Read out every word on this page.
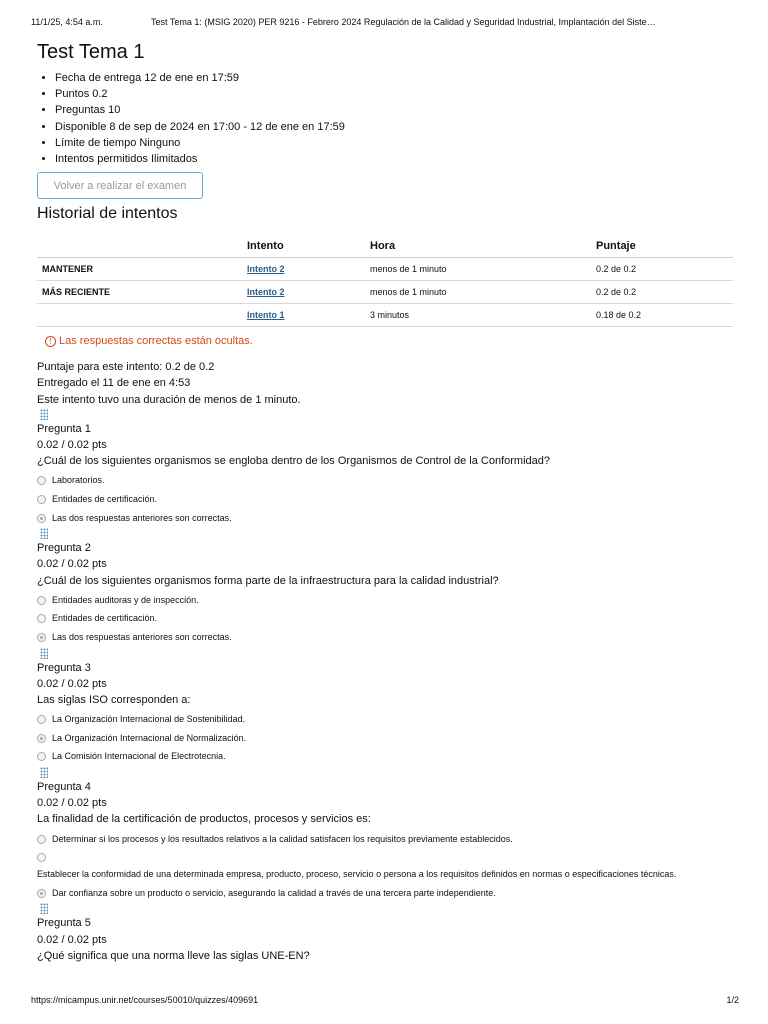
11/1/25, 4:54 a.m.	Test Tema 1: (MSIG 2020) PER 9216 - Febrero 2024 Regulación de la Calidad y Seguridad Industrial, Implantación del Siste…
Test Tema 1
• Fecha de entrega 12 de ene en 17:59
• Puntos 0.2
• Preguntas 10
• Disponible 8 de sep de 2024 en 17:00 - 12 de ene en 17:59
• Límite de tiempo Ninguno
• Intentos permitidos Ilimitados
Volver a realizar el examen
Historial de intentos
	Intento	Hora	Puntaje
MANTENER	Intento 2	menos de 1 minuto	0.2 de 0.2
MÁS RECIENTE	Intento 2	menos de 1 minuto	0.2 de 0.2
	Intento 1	3 minutos	0.18 de 0.2
! Las respuestas correctas están ocultas.
Puntaje para este intento: 0.2 de 0.2
Entregado el 11 de ene en 4:53
Este intento tuvo una duración de menos de 1 minuto.
Pregunta 1
0.02 / 0.02 pts
¿Cuál de los siguientes organismos se engloba dentro de los Organismos de Control de la Conformidad?
Laboratorios.
Entidades de certificación.
Las dos respuestas anteriores son correctas.
Pregunta 2
0.02 / 0.02 pts
¿Cuál de los siguientes organismos forma parte de la infraestructura para la calidad industrial?
Entidades auditoras y de inspección.
Entidades de certificación.
Las dos respuestas anteriores son correctas.
Pregunta 3
0.02 / 0.02 pts
Las siglas ISO corresponden a:
La Organización Internacional de Sostenibilidad.
La Organización Internacional de Normalización.
La Comisión Internacional de Electrotecnia.
Pregunta 4
0.02 / 0.02 pts
La finalidad de la certificación de productos, procesos y servicios es:
Determinar si los procesos y los resultados relativos a la calidad satisfacen los requisitos previamente establecidos.
Establecer la conformidad de una determinada empresa, producto, proceso, servicio o persona a los requisitos definidos en normas o especificaciones técnicas.
Dar confianza sobre un producto o servicio, asegurando la calidad a través de una tercera parte independiente.
Pregunta 5
0.02 / 0.02 pts
¿Qué significa que una norma lleve las siglas UNE-EN?
https://micampus.unir.net/courses/50010/quizzes/409691	1/2
